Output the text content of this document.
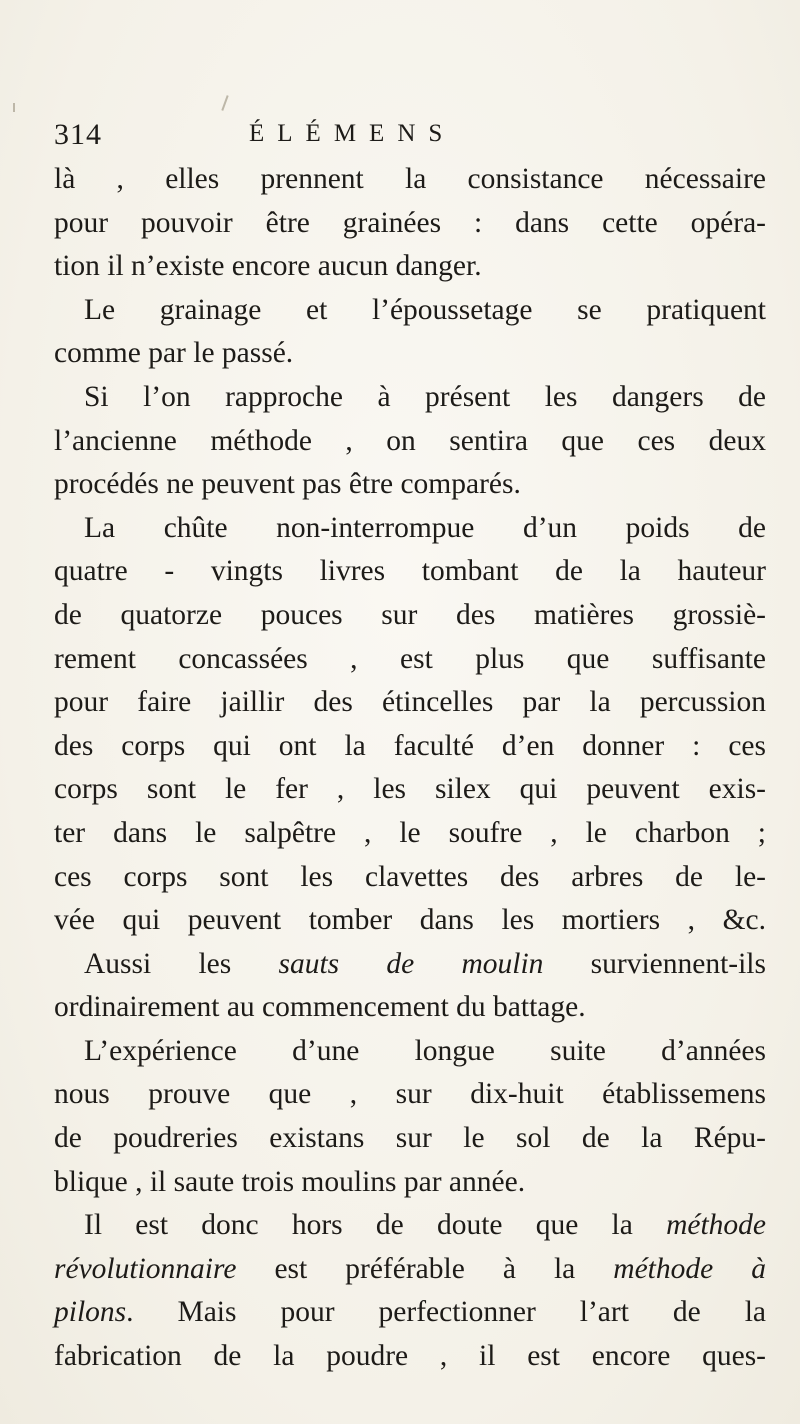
314	ÉLÉMENS
là , elles prennent la consistance nécessaire
pour pouvoir être grainées : dans cette opéra-
tion il n’existe encore aucun danger.
Le grainage et l’époussetage se pratiquent
comme par le passé.
Si l’on rapproche à présent les dangers de
l’ancienne méthode , on sentira que ces deux
procédés ne peuvent pas être comparés.
La chûte non-interrompue d’un poids de
quatre - vingts livres tombant de la hauteur
de quatorze pouces sur des matières grossiè-
rement concassées , est plus que suffisante
pour faire jaillir des étincelles par la percussion
des corps qui ont la faculté d’en donner : ces
corps sont le fer , les silex qui peuvent exis-
ter dans le salpêtre , le soufre , le charbon ;
ces corps sont les clavettes des arbres de le-
vée qui peuvent tomber dans les mortiers , &c.
Aussi les sauts de moulin surviennent-ils
ordinairement au commencement du battage.
L’expérience d’une longue suite d’années
nous prouve que , sur dix-huit établissemens
de poudreries existans sur le sol de la Répu-
blique , il saute trois moulins par année.
Il est donc hors de doute que la méthode
révolutionnaire est préférable à la méthode à
pilons. Mais pour perfectionner l’art de la
fabrication de la poudre , il est encore ques-
